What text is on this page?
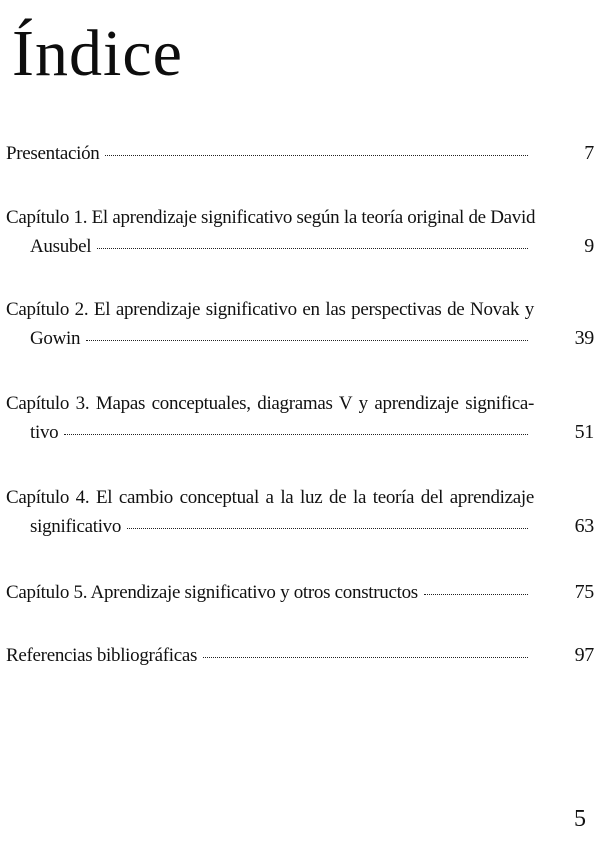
Índice
Presentación	7
Capítulo 1. El aprendizaje significativo según la teoría original de David
Ausubel	9
Capítulo 2. El aprendizaje significativo en las perspectivas de Novak y
Gowin	39
Capítulo 3. Mapas conceptuales, diagramas V y aprendizaje significa-
tivo	51
Capítulo 4. El cambio conceptual a la luz de la teoría del aprendizaje
significativo	63
Capítulo 5. Aprendizaje significativo y otros constructos	75
Referencias bibliográficas	97
5
